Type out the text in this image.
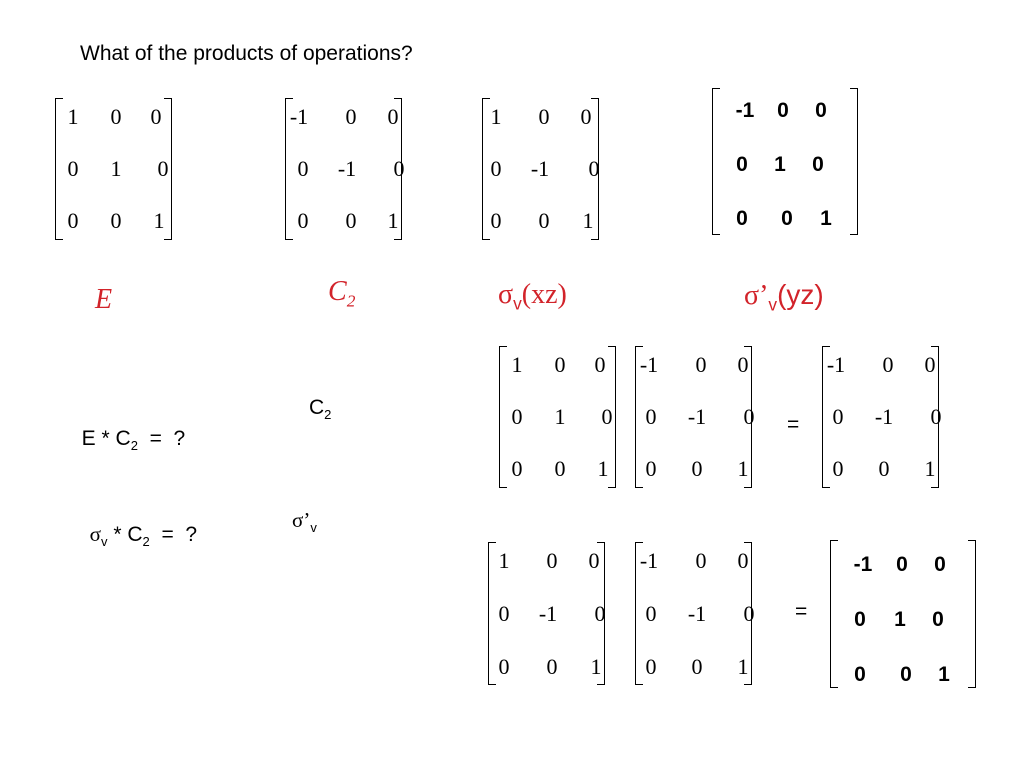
What of the products of operations?
1 0 0
0 1 0
0 0 1
-1 0 0
0 -1 0
0 0 1
1 0 0
0 -1 0
0 0 1
-1 0 0
0 1 0
0 0 1
E	$C_2$	$\sigma_v(xz)$	$\sigma’_v(yz)$

E * $C_2$  =  ?

$C_2$

$\sigma_v * C_2$  =  ?

$\sigma’_v$
1 0 0
0 1 0
0 0 1
-1 0 0
0 -1 0
0 0 1
=
-1 0 0
0 -1 0
0 0 1
1 0 0
0 -1 0
0 0 1
-1 0 0
0 -1 0
0 0 1
=
-1 0 0
0 1 0
0 0 1
